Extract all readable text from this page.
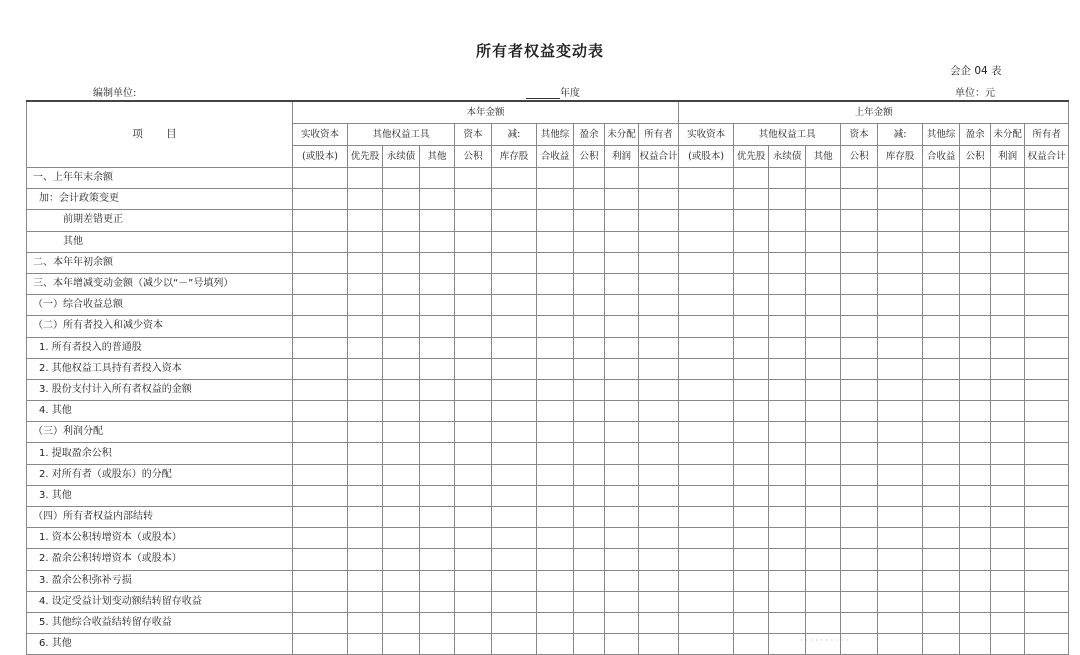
所有者权益变动表
会企 04 表
编制单位:	年度	单位：元
项 目	本年金额										上年金额									
	实收资本	其他权益工具			资本	减:	其他综	盈余	未分配	所有者	实收资本	其他权益工具			资本	减:	其他综	盈余	未分配	所有者
	(或股本)	优先股	永续债	其他	公积	库存股	合收益	公积	利润	权益合计	(或股本)	优先股	永续债	其他	公积	库存股	合收益	公积	利润	权益合计
一、上年年末余额																				
加：会计政策变更																				
前期差错更正																				
其他																				
二、本年年初余额																				
三、本年增减变动金额（减少以“－”号填列）																				
（一）综合收益总额																				
（二）所有者投入和减少资本																				
1. 所有者投入的普通股																				
2. 其他权益工具持有者投入资本																				
3. 股份支付计入所有者权益的金额																				
4. 其他																				
（三）利润分配																				
1. 提取盈余公积																				
2. 对所有者（或股东）的分配																				
3. 其他																				
（四）所有者权益内部结转																				
1. 资本公积转增资本（或股本）																				
2. 盈余公积转增资本（或股本）																				
3. 盈余公积弥补亏损																				
4. 设定受益计划变动额结转留存收益																				
5. 其他综合收益结转留存收益																				
6. 其他																					· · · · · · · · · ·
